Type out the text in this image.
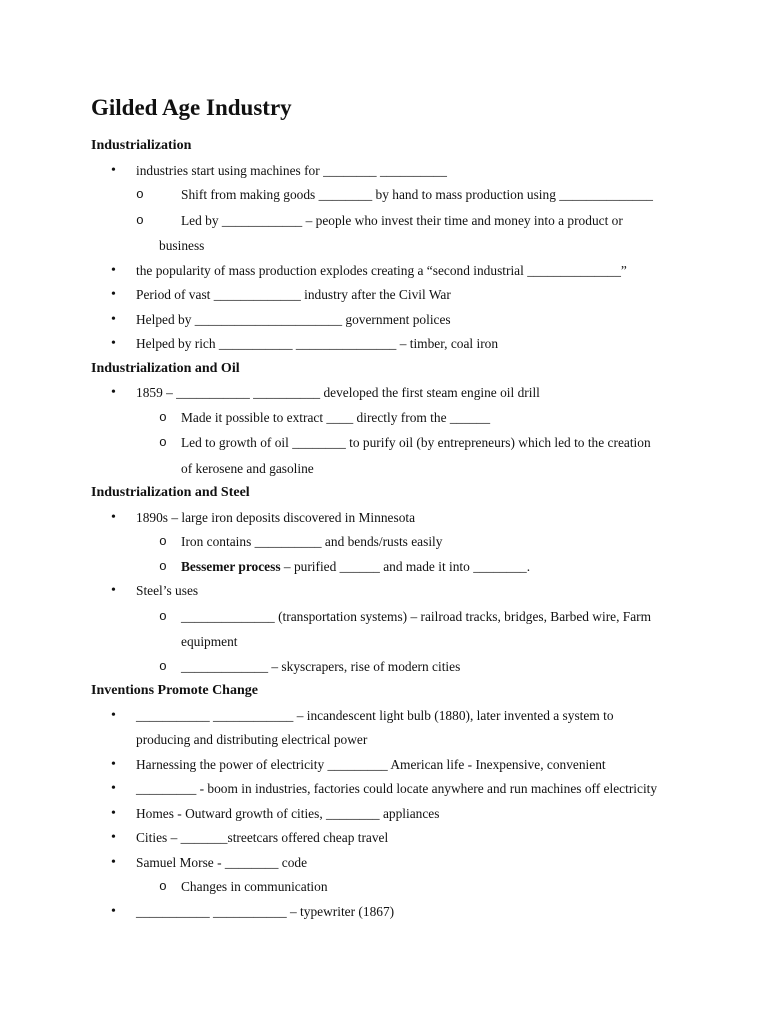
Gilded Age Industry
Industrialization
• industries start using machines for ________ __________
o Shift from making goods ________ by hand to mass production using ______________
o Led by ____________ – people who invest their time and money into a product or
business
• the popularity of mass production explodes creating a “second industrial ______________”
• Period of vast _____________ industry after the Civil War
• Helped by ______________________ government polices
• Helped by rich ___________ _______________ – timber, coal iron
Industrialization and Oil
• 1859 – ___________ __________ developed the first steam engine oil drill
o Made it possible to extract ____ directly from the ______
o Led to growth of oil ________ to purify oil (by entrepreneurs) which led to the creation
of kerosene and gasoline
Industrialization and Steel
• 1890s – large iron deposits discovered in Minnesota
o Iron contains __________ and bends/rusts easily
o Bessemer process – purified ______ and made it into ________.
• Steel’s uses
o ______________ (transportation systems) – railroad tracks, bridges, Barbed wire, Farm
equipment
o _____________ – skyscrapers, rise of modern cities
Inventions Promote Change
• ___________ ____________ – incandescent light bulb (1880), later invented a system to
producing and distributing electrical power
• Harnessing the power of electricity _________ American life - Inexpensive, convenient
• _________ - boom in industries, factories could locate anywhere and run machines off electricity
• Homes - Outward growth of cities, ________ appliances
• Cities – _______streetcars offered cheap travel
• Samuel Morse - ________ code
o Changes in communication
• ___________ ___________ – typewriter (1867)
